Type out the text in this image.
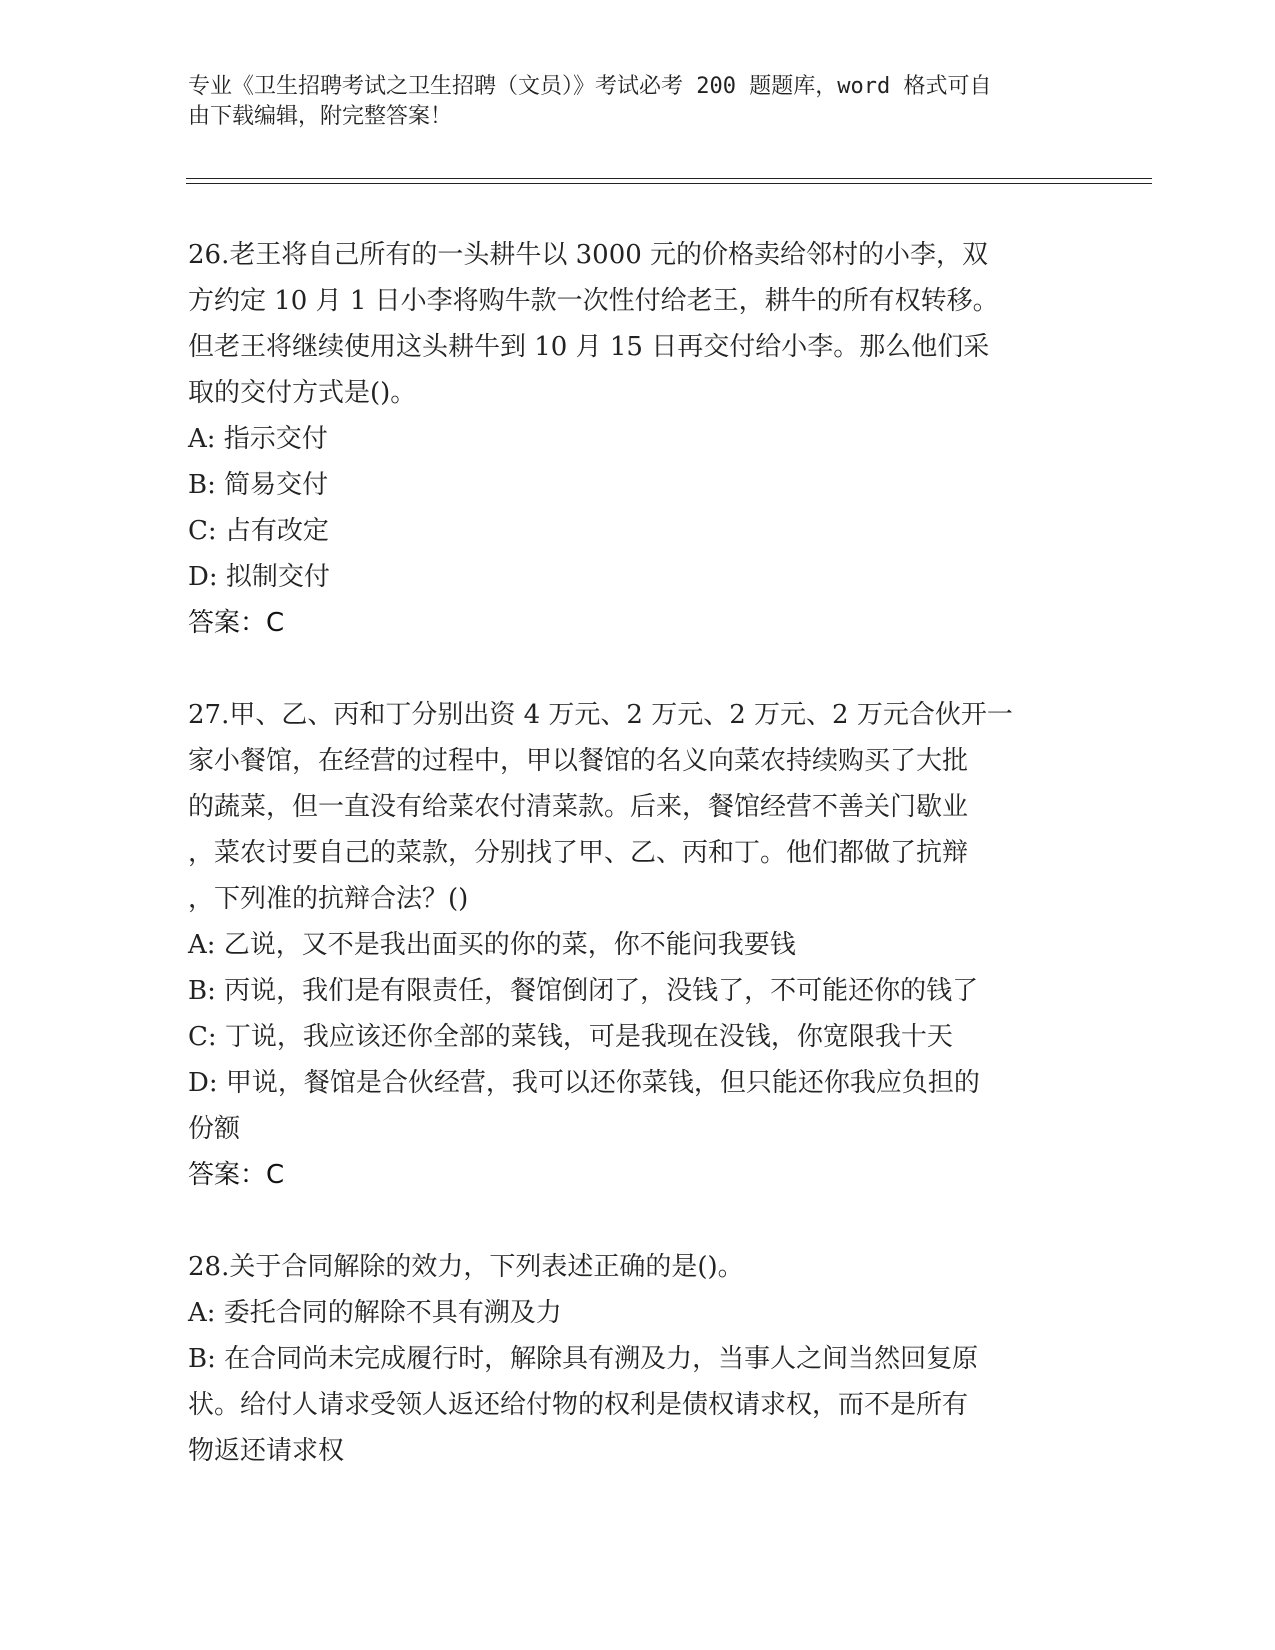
专业《卫生招聘考试之卫生招聘（文员）》考试必考 200 题题库，word 格式可自
由下载编辑，附完整答案！

26.老王将自己所有的一头耕牛以 3000 元的价格卖给邻村的小李，双

方约定 10 月 1 日小李将购牛款一次性付给老王，耕牛的所有权转移。

但老王将继续使用这头耕牛到 10 月 15 日再交付给小李。那么他们采

取的交付方式是()。

A: 指示交付

B: 简易交付

C: 占有改定

D: 拟制交付

答案：C

27.甲、乙、丙和丁分别出资 4 万元、2 万元、2 万元、2 万元合伙开一

家小餐馆，在经营的过程中，甲以餐馆的名义向菜农持续购买了大批

的蔬菜，但一直没有给菜农付清菜款。后来，餐馆经营不善关门歇业

，菜农讨要自己的菜款，分别找了甲、乙、丙和丁。他们都做了抗辩

，下列准的抗辩合法？()

A: 乙说，又不是我出面买的你的菜，你不能问我要钱

B: 丙说，我们是有限责任，餐馆倒闭了，没钱了，不可能还你的钱了

C: 丁说，我应该还你全部的菜钱，可是我现在没钱，你宽限我十天

D: 甲说，餐馆是合伙经营，我可以还你菜钱，但只能还你我应负担的

份额

答案：C

28.关于合同解除的效力，下列表述正确的是()。

A: 委托合同的解除不具有溯及力

B: 在合同尚未完成履行时，解除具有溯及力，当事人之间当然回复原

状。给付人请求受领人返还给付物的权利是债权请求权，而不是所有

物返还请求权
